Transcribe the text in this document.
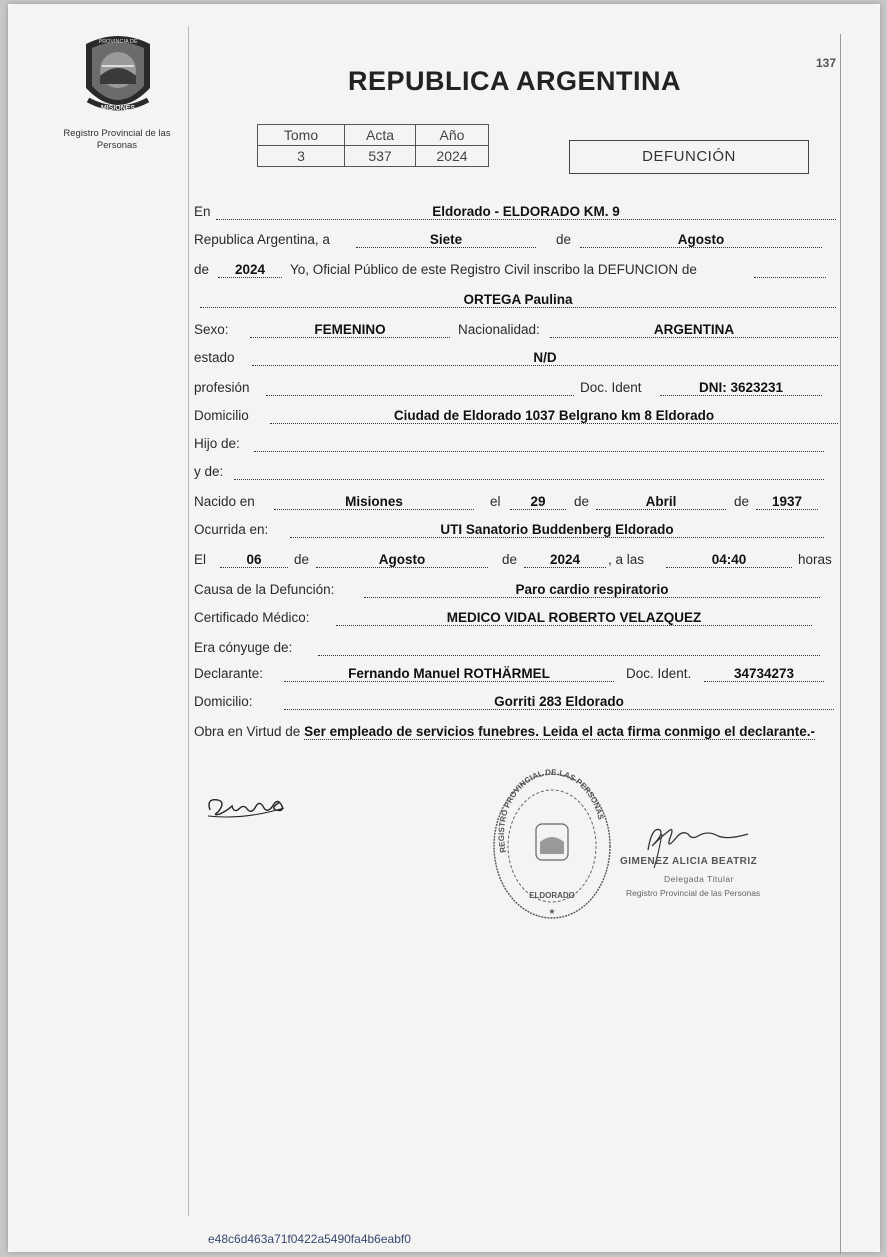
MISIONES
PROVINCIA DE
Registro Provincial de las Personas
137
REPUBLICA ARGENTINA
Tomo	Acta	Año
3	537	2024	DEFUNCIÓN
En	Eldorado - ELDORADO KM. 9
Republica Argentina, a	Siete	de	Agosto
de	2024	Yo, Oficial Público de este Registro Civil inscribo la DEFUNCION de
ORTEGA Paulina
Sexo:	FEMENINO	Nacionalidad:	ARGENTINA
estado	N/D
profesión	Doc. Ident	DNI: 3623231
Domicilio	Ciudad de Eldorado 1037 Belgrano km 8 Eldorado
Hijo de:
y de:
Nacido en	Misiones	el	29	de	Abril	de	1937
Ocurrida en:	UTI Sanatorio Buddenberg Eldorado
El	06	de	Agosto	de	2024	, a las	04:40	horas
Causa de la Defunción:	Paro cardio respiratorio
Certificado Médico:	MEDICO VIDAL ROBERTO VELAZQUEZ
Era cónyuge de:
Declarante:	Fernando Manuel ROTHÄRMEL	Doc. Ident.	34734273
Domicilio:	Gorriti 283 Eldorado
Obra en Virtud de Ser empleado de servicios funebres. Leida el acta firma conmigo el declarante.-
REGISTRO PROVINCIAL DE LAS PERSONAS
ELDORADO
★
GIMENEZ ALICIA BEATRIZ
Delegada Titular
Registro Provincial de las Personas
e48c6d463a71f0422a5490fa4b6eabf0
